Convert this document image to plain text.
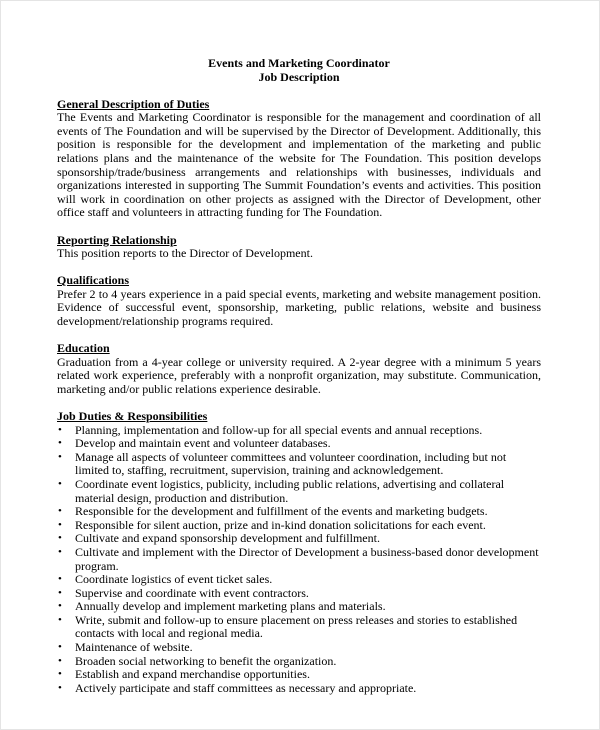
Events and Marketing Coordinator

Job Description

General Description of Duties

The Events and Marketing Coordinator is responsible for the management and coordination of all events of The Foundation and will be supervised by the Director of Development. Additionally, this position is responsible for the development and implementation of the marketing and public relations plans and the maintenance of the website for The Foundation. This position develops sponsorship/trade/business arrangements and relationships with businesses, individuals and organizations interested in supporting The Summit Foundation’s events and activities. This position will work in coordination on other projects as assigned with the Director of Development, other office staff and volunteers in attracting funding for The Foundation.

Reporting Relationship

This position reports to the Director of Development.

Qualifications

Prefer 2 to 4 years experience in a paid special events, marketing and website management position. Evidence of successful event, sponsorship, marketing, public relations, website and business development/relationship programs required.

Education

Graduation from a 4-year college or university required. A 2-year degree with a minimum 5 years related work experience, preferably with a nonprofit organization, may substitute. Communication, marketing and/or public relations experience desirable.

Job Duties & Responsibilities

• Planning, implementation and follow-up for all special events and annual receptions.
• Develop and maintain event and volunteer databases.
• Manage all aspects of volunteer committees and volunteer coordination, including but not limited to, staffing, recruitment, supervision, training and acknowledgement.
• Coordinate event logistics, publicity, including public relations, advertising and collateral material design, production and distribution.
• Responsible for the development and fulfillment of the events and marketing budgets.
• Responsible for silent auction, prize and in-kind donation solicitations for each event.
• Cultivate and expand sponsorship development and fulfillment.
• Cultivate and implement with the Director of Development a business-based donor development program.
• Coordinate logistics of event ticket sales.
• Supervise and coordinate with event contractors.
• Annually develop and implement marketing plans and materials.
• Write, submit and follow-up to ensure placement on press releases and stories to established contacts with local and regional media.
• Maintenance of website.
• Broaden social networking to benefit the organization.
• Establish and expand merchandise opportunities.
• Actively participate and staff committees as necessary and appropriate.
